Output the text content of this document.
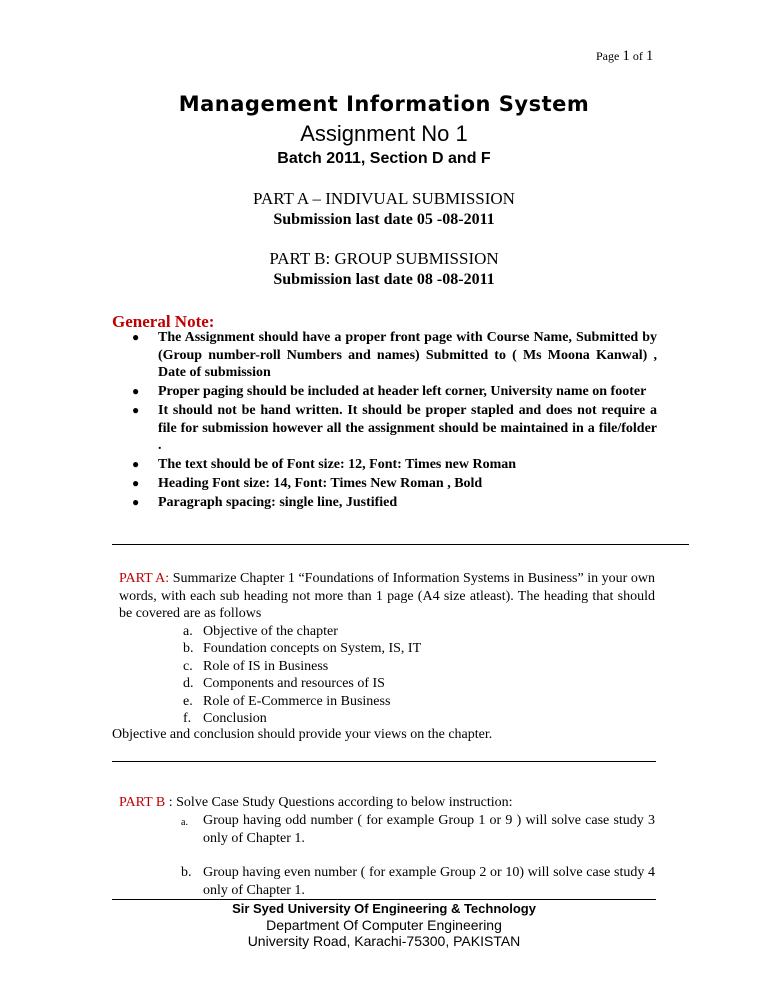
Page 1 of 1
Management Information System
Assignment No 1
Batch 2011, Section D and F
PART A – INDIVUAL SUBMISSION
Submission last date 05 -08-2011
PART B: GROUP SUBMISSION
Submission last date 08 -08-2011
General Note:
● The Assignment should have a proper front page with Course Name, Submitted by (Group number-roll Numbers and names) Submitted to ( Ms Moona Kanwal) , Date of submission
● Proper paging should be included at header left corner, University name on footer
● It should not be hand written. It should be proper stapled and does not require a file for submission however all the assignment should be maintained in a file/folder .
● The text should be of Font size: 12, Font: Times new Roman
● Heading Font size: 14, Font: Times New Roman , Bold
● Paragraph spacing: single line, Justified
PART A: Summarize Chapter 1 “Foundations of Information Systems in Business” in your own words, with each sub heading not more than 1 page (A4 size atleast). The heading that should be covered are as follows
a. Objective of the chapter
b. Foundation concepts on System, IS, IT
c. Role of IS in Business
d. Components and resources of IS
e. Role of E-Commerce in Business
f. Conclusion
Objective and conclusion should provide your views on the chapter.
PART B : Solve Case Study Questions according to below instruction:
a.	Group having odd number ( for example Group 1 or 9 ) will solve case study 3 only of Chapter 1.
b. Group having even number ( for example Group 2 or 10) will solve case study 4 only of Chapter 1.
Sir Syed University Of Engineering & Technology
Department Of Computer Engineering
University Road, Karachi-75300, PAKISTAN
